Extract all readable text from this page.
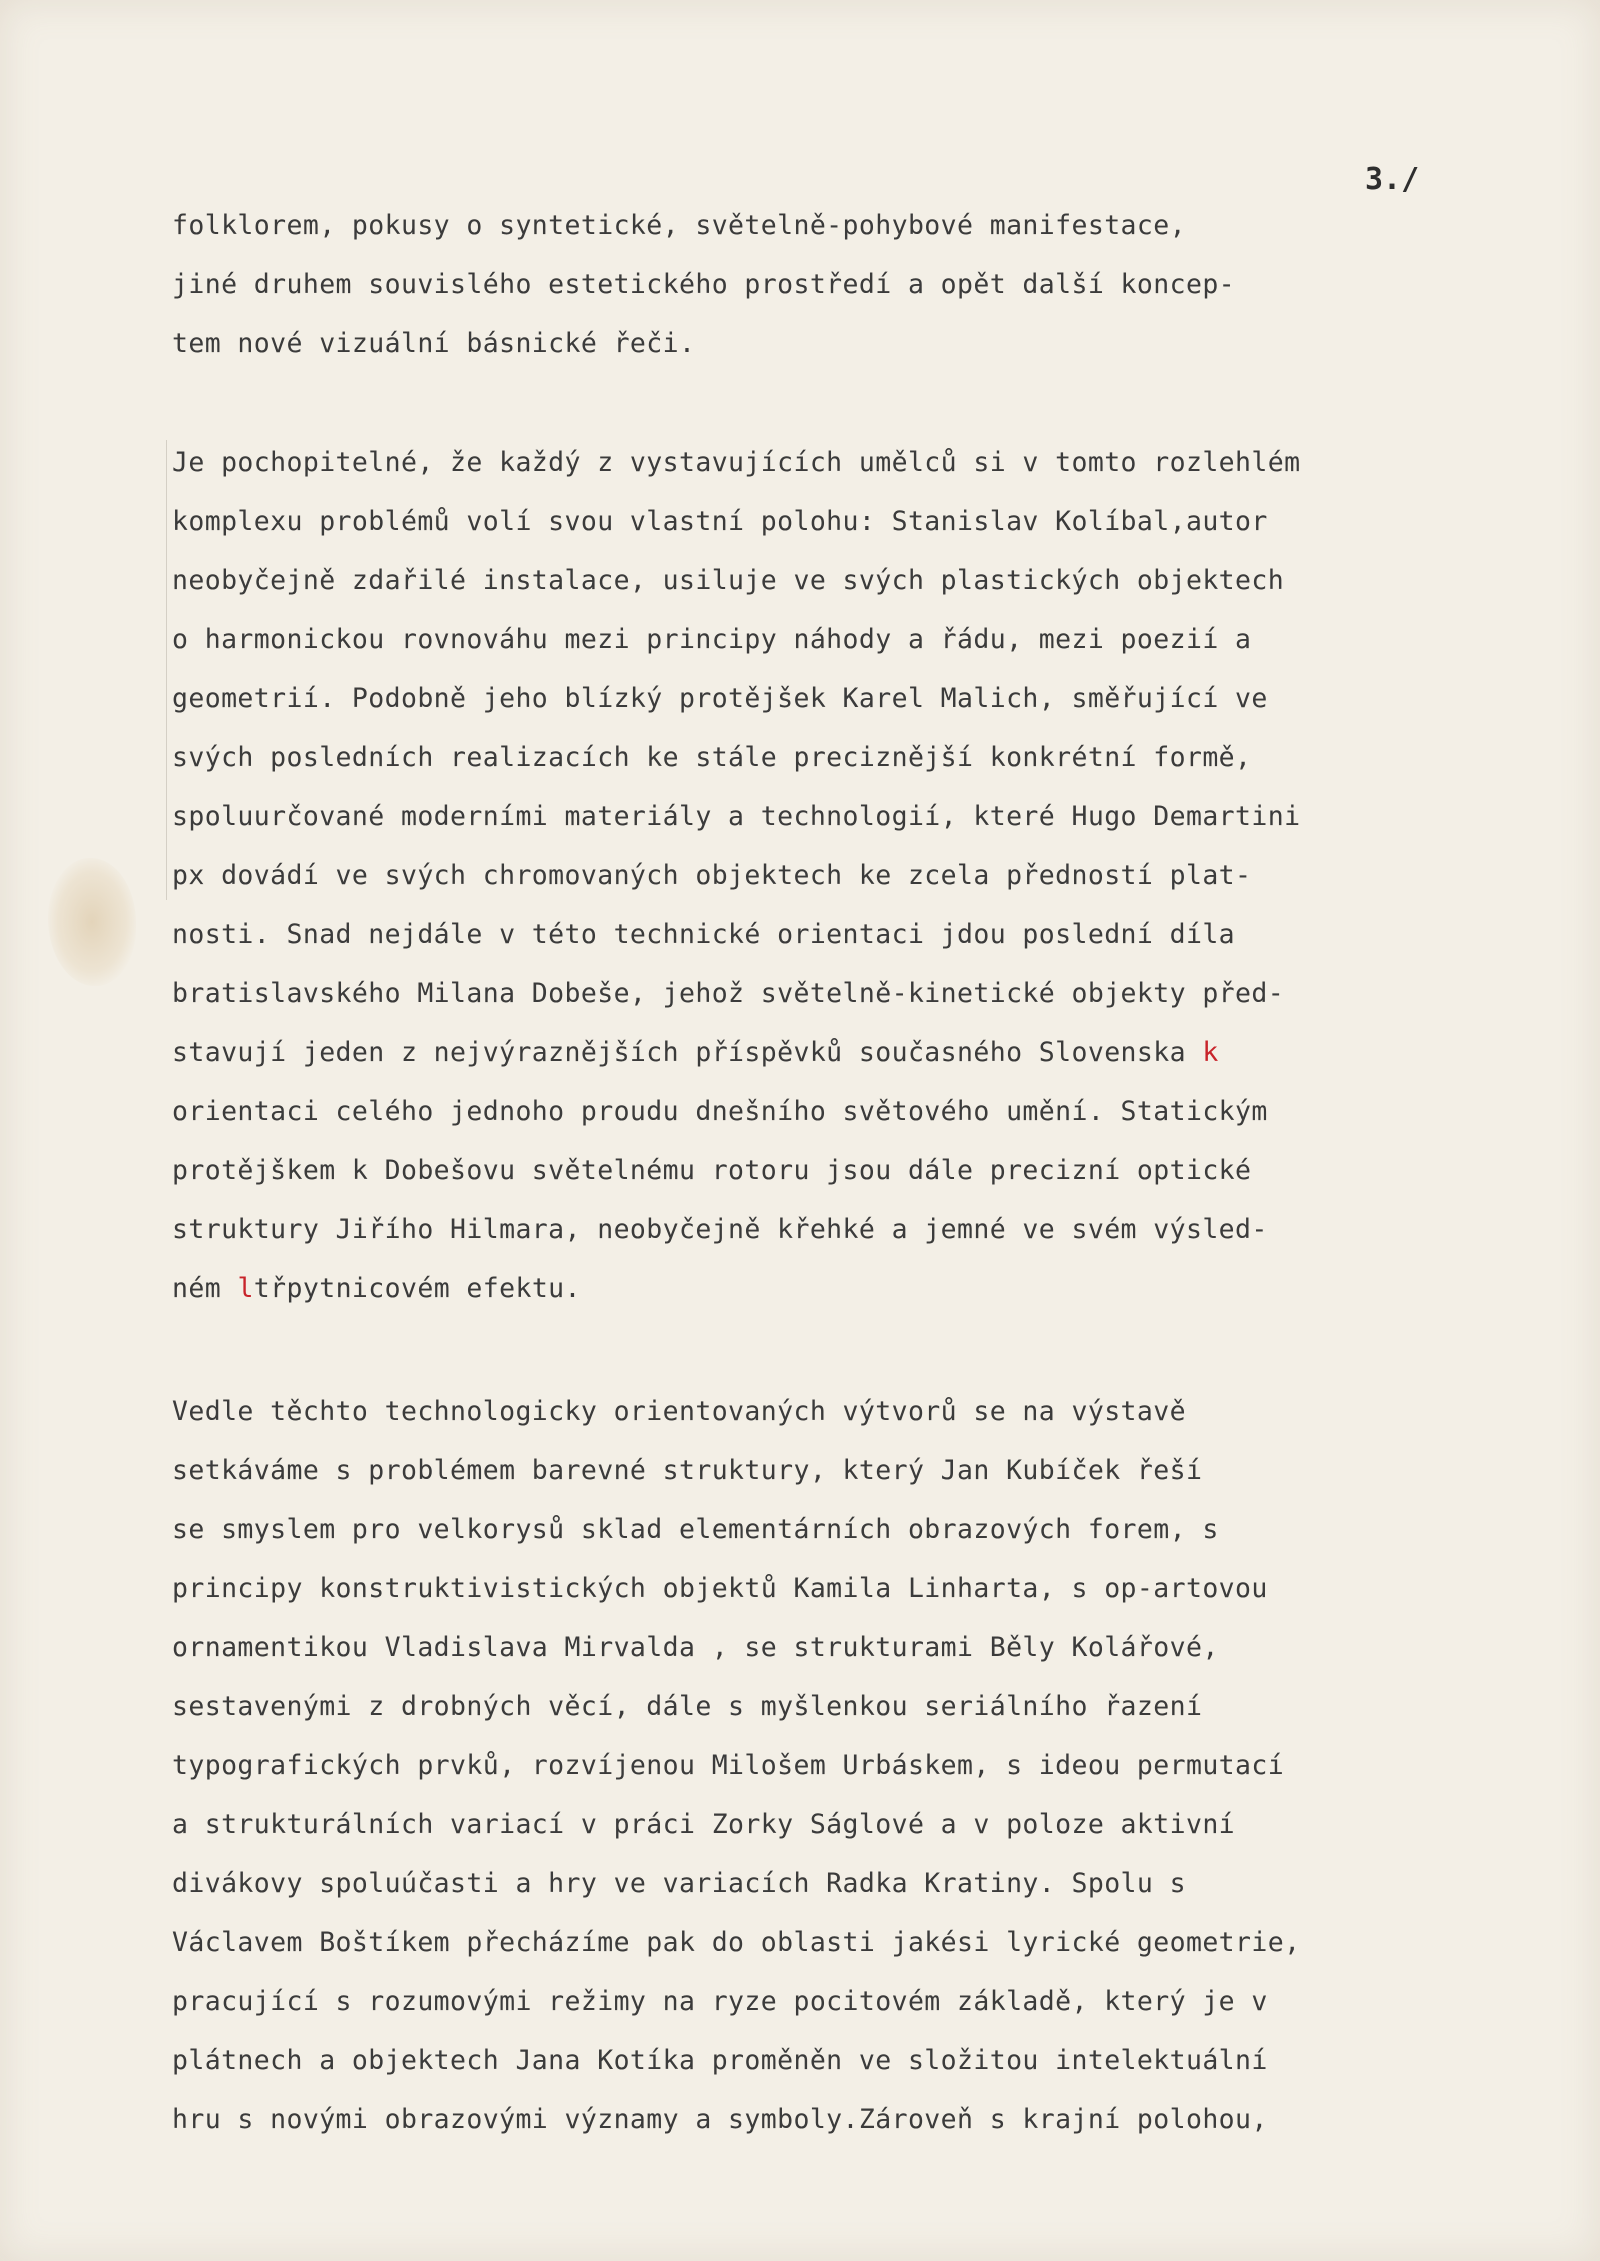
3./

folklorem, pokusy o syntetické, světelně-pohybové manifestace,
jiné druhem souvislého estetického prostředí a opět další koncep-
tem nové vizuální básnické řeči.

Je pochopitelné, že každý z vystavujících umělců si v tomto rozlehlém
komplexu problémů volí svou vlastní polohu: Stanislav Kolíbal,autor
neobyčejně zdařilé instalace, usiluje ve svých plastických objektech
o harmonickou rovnováhu mezi principy náhody a řádu, mezi poezií a
geometrií. Podobně jeho blízký protějšek Karel Malich, směřující ve
svých posledních realizacích ke stále preciznější konkrétní formě,
spoluurčované moderními materiály a technologií, které Hugo Demartini
px dovádí ve svých chromovaných objektech ke zcela předností plat-
nosti. Snad nejdále v této technické orientaci jdou poslední díla
bratislavského Milana Dobeše, jehož světelně-kinetické objekty před-
stavují jeden z nejvýraznějších příspěvků současného Slovenska k
orientaci celého jednoho proudu dnešního světového umění. Statickým
protějškem k Dobešovu světelnému rotoru jsou dále precizní optické
struktury Jiřího Hilmara, neobyčejně křehké a jemné ve svém výsled-
ném ltřpytnicovém efektu.

Vedle těchto technologicky orientovaných výtvorů se na výstavě
setkáváme s problémem barevné struktury, který Jan Kubíček řeší
se smyslem pro velkorysů sklad elementárních obrazových forem, s
principy konstruktivistických objektů Kamila Linharta, s op-artovou
ornamentikou Vladislava Mirvalda , se strukturami Běly Kolářové,
sestavenými z drobných věcí, dále s myšlenkou seriálního řazení
typografických prvků, rozvíjenou Milošem Urbáskem, s ideou permutací
a strukturálních variací v práci Zorky Ságlové a v poloze aktivní
divákovy spoluúčasti a hry ve variacích Radka Kratiny. Spolu s
Václavem Boštíkem přecházíme pak do oblasti jakési lyrické geometrie,
pracující s rozumovými režimy na ryze pocitovém základě, který je v
plátnech a objektech Jana Kotíka proměněn ve složitou intelektuální
hru s novými obrazovými významy a symboly.Zároveň s krajní polohou,
